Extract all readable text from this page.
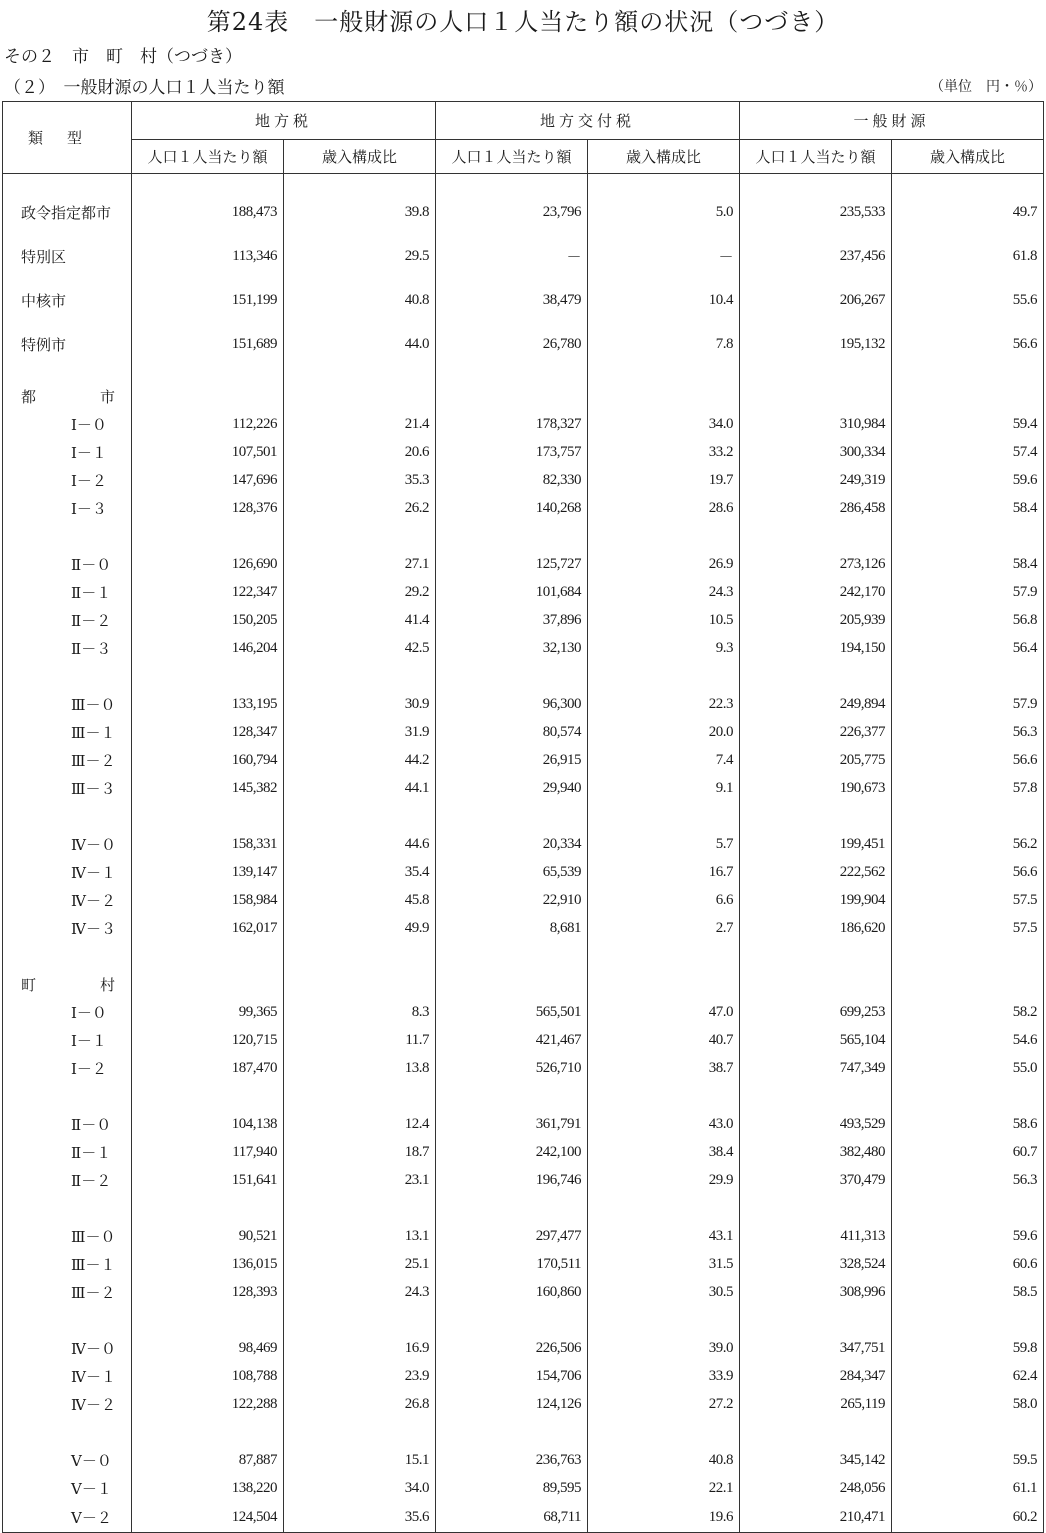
第24表　一般財源の人口１人当たり額の状況（つづき）
その２　市　町　村（つづき）
（２）　一般財源の人口１人当たり額	（単位　円・％）
類型	地方税		地方交付税		一般財源	
	人口１人当たり額	歳入構成比	人口１人当たり額	歳入構成比	人口１人当たり額	歳入構成比

政令指定都市	188,473	39.8	23,796	5.0	235,533	49.7
特別区	113,346	29.5	－	－	237,456	61.8
中核市	151,199	40.8	38,479	10.4	206,267	55.6
特例市	151,689	44.0	26,780	7.8	195,132	56.6

都 市						

Ⅰ－０	112,226	21.4	178,327	34.0	310,984	59.4
Ⅰ－１	107,501	20.6	173,757	33.2	300,334	57.4
Ⅰ－２	147,696	35.3	82,330	19.7	249,319	59.6
Ⅰ－３	128,376	26.2	140,268	28.6	286,458	58.4

Ⅱ－０	126,690	27.1	125,727	26.9	273,126	58.4
Ⅱ－１	122,347	29.2	101,684	24.3	242,170	57.9
Ⅱ－２	150,205	41.4	37,896	10.5	205,939	56.8
Ⅱ－３	146,204	42.5	32,130	9.3	194,150	56.4

Ⅲ－０	133,195	30.9	96,300	22.3	249,894	57.9
Ⅲ－１	128,347	31.9	80,574	20.0	226,377	56.3
Ⅲ－２	160,794	44.2	26,915	7.4	205,775	56.6
Ⅲ－３	145,382	44.1	29,940	9.1	190,673	57.8

Ⅳ－０	158,331	44.6	20,334	5.7	199,451	56.2
Ⅳ－１	139,147	35.4	65,539	16.7	222,562	56.6
Ⅳ－２	158,984	45.8	22,910	6.6	199,904	57.5
Ⅳ－３	162,017	49.9	8,681	2.7	186,620	57.5

町 村						

Ⅰ－０	99,365	8.3	565,501	47.0	699,253	58.2
Ⅰ－１	120,715	11.7	421,467	40.7	565,104	54.6
Ⅰ－２	187,470	13.8	526,710	38.7	747,349	55.0

Ⅱ－０	104,138	12.4	361,791	43.0	493,529	58.6
Ⅱ－１	117,940	18.7	242,100	38.4	382,480	60.7
Ⅱ－２	151,641	23.1	196,746	29.9	370,479	56.3

Ⅲ－０	90,521	13.1	297,477	43.1	411,313	59.6
Ⅲ－１	136,015	25.1	170,511	31.5	328,524	60.6
Ⅲ－２	128,393	24.3	160,860	30.5	308,996	58.5

Ⅳ－０	98,469	16.9	226,506	39.0	347,751	59.8
Ⅳ－１	108,788	23.9	154,706	33.9	284,347	62.4
Ⅳ－２	122,288	26.8	124,126	27.2	265,119	58.0

Ⅴ－０	87,887	15.1	236,763	40.8	345,142	59.5
Ⅴ－１	138,220	34.0	89,595	22.1	248,056	61.1
Ⅴ－２	124,504	35.6	68,711	19.6	210,471	60.2
